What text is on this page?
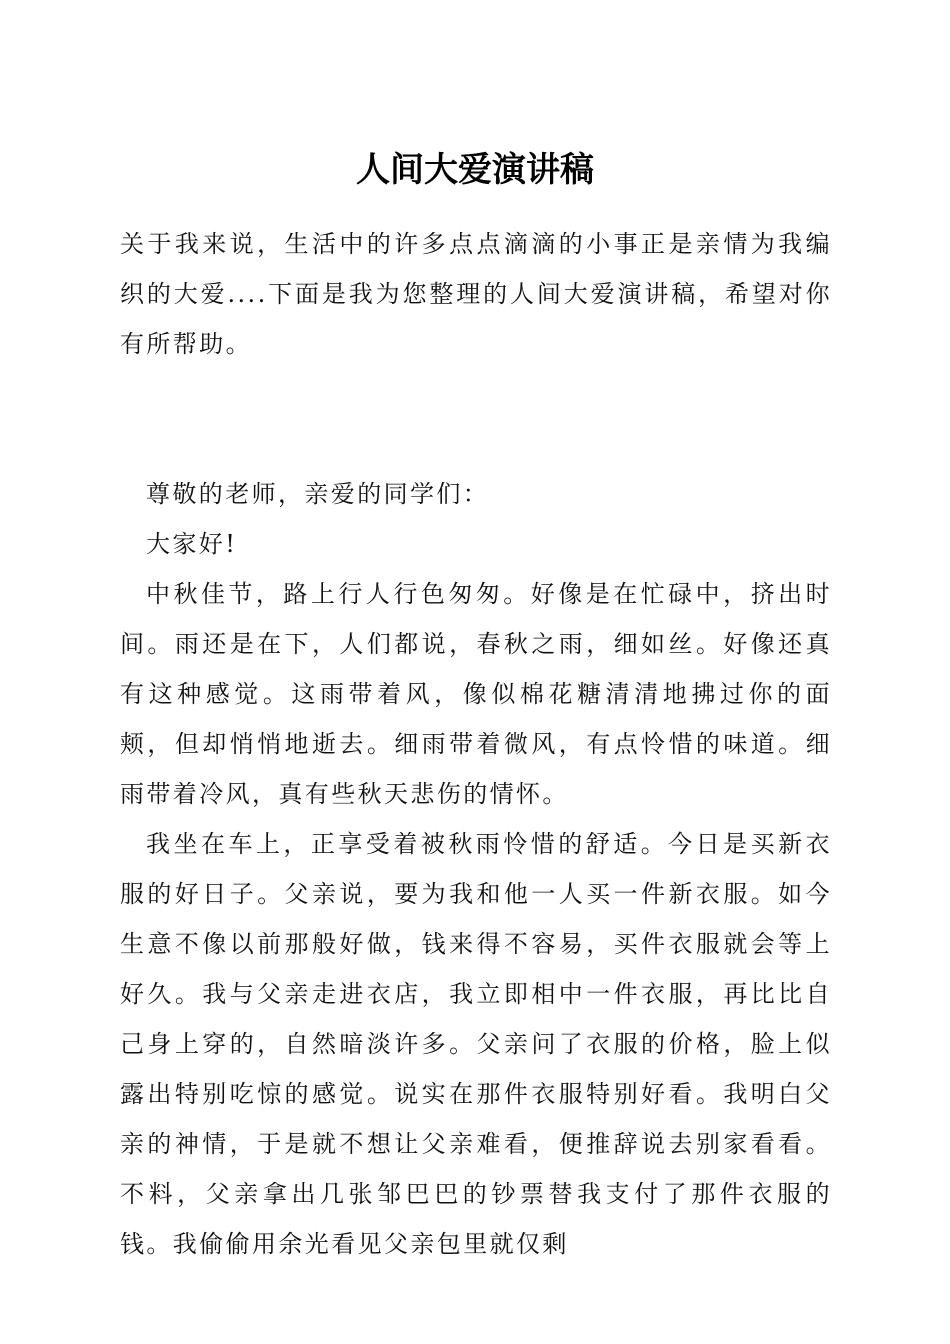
人间大爱演讲稿

关于我来说，生活中的许多点点滴滴的小事正是亲情为我编织的大爱....下面是我为您整理的人间大爱演讲稿，希望对你有所帮助。

尊敬的老师，亲爱的同学们：

大家好!

中秋佳节，路上行人行色匆匆。好像是在忙碌中，挤出时间。雨还是在下，人们都说，春秋之雨，细如丝。好像还真有这种感觉。这雨带着风，像似棉花糖清清地拂过你的面颊，但却悄悄地逝去。细雨带着微风，有点怜惜的味道。细雨带着冷风，真有些秋天悲伤的情怀。

我坐在车上，正享受着被秋雨怜惜的舒适。今日是买新衣服的好日子。父亲说，要为我和他一人买一件新衣服。如今生意不像以前那般好做，钱来得不容易，买件衣服就会等上好久。我与父亲走进衣店，我立即相中一件衣服，再比比自己身上穿的，自然暗淡许多。父亲问了衣服的价格，脸上似露出特别吃惊的感觉。说实在那件衣服特别好看。我明白父亲的神情，于是就不想让父亲难看，便推辞说去别家看看。不料，父亲拿出几张邹巴巴的钞票替我支付了那件衣服的钱。我偷偷用余光看见父亲包里就仅剩
